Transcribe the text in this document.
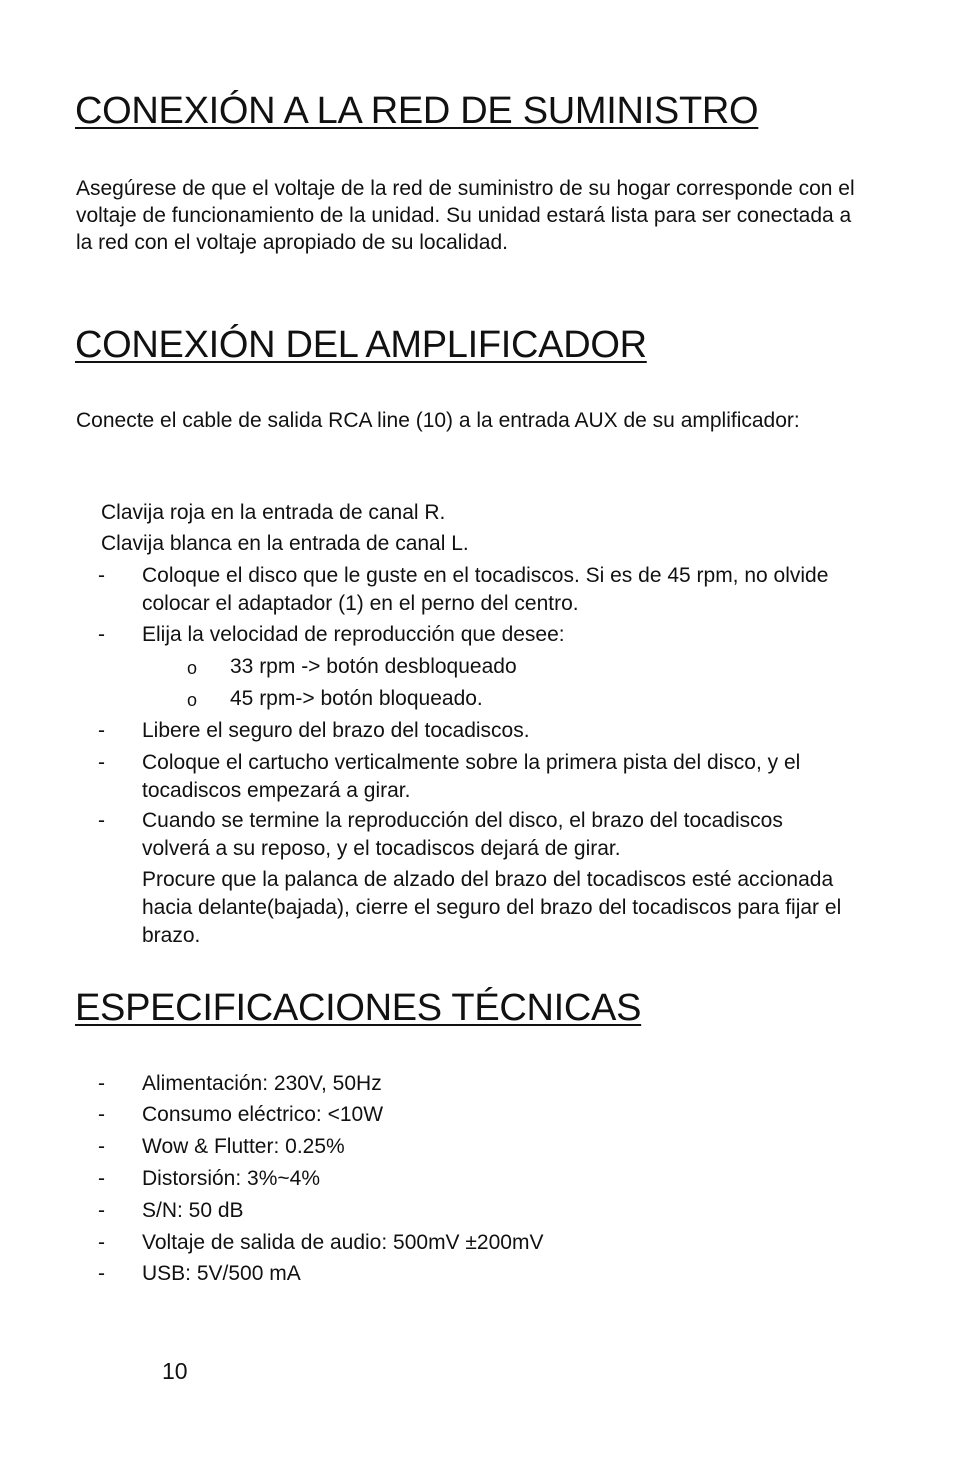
CONEXIÓN A LA RED DE SUMINISTRO

Asegúrese de que el voltaje de la red de suministro de su hogar corresponde con el voltaje de funcionamiento de la unidad. Su unidad estará lista para ser conectada a la red con el voltaje apropiado de su localidad.

CONEXIÓN DEL AMPLIFICADOR

Conecte el cable de salida RCA line (10) a la entrada AUX de su amplificador:

Clavija roja en la entrada de canal R.

Clavija blanca en la entrada de canal L.

- Coloque el disco que le guste en el tocadiscos. Si es de 45 rpm, no olvide colocar el adaptador (1) en el perno del centro.

- Elija la velocidad de reproducción que desee:

o 33 rpm -> botón desbloqueado

o 45 rpm-> botón bloqueado.

- Libere el seguro del brazo del tocadiscos.

- Coloque el cartucho verticalmente sobre la primera pista del disco, y el tocadiscos empezará a girar.

- Cuando se termine la reproducción del disco, el brazo del tocadiscos volverá a su reposo, y el tocadiscos dejará de girar.

Procure que la palanca de alzado del brazo del tocadiscos esté accionada hacia delante(bajada), cierre el seguro del brazo del tocadiscos para fijar el brazo.

ESPECIFICACIONES TÉCNICAS
- Alimentación: 230V, 50Hz

- Consumo eléctrico: <10W

- Wow & Flutter: 0.25%

- Distorsión: 3%~4%

- S/N: 50 dB

- Voltaje de salida de audio: 500mV ±200mV

- USB: 5V/500 mA

10
